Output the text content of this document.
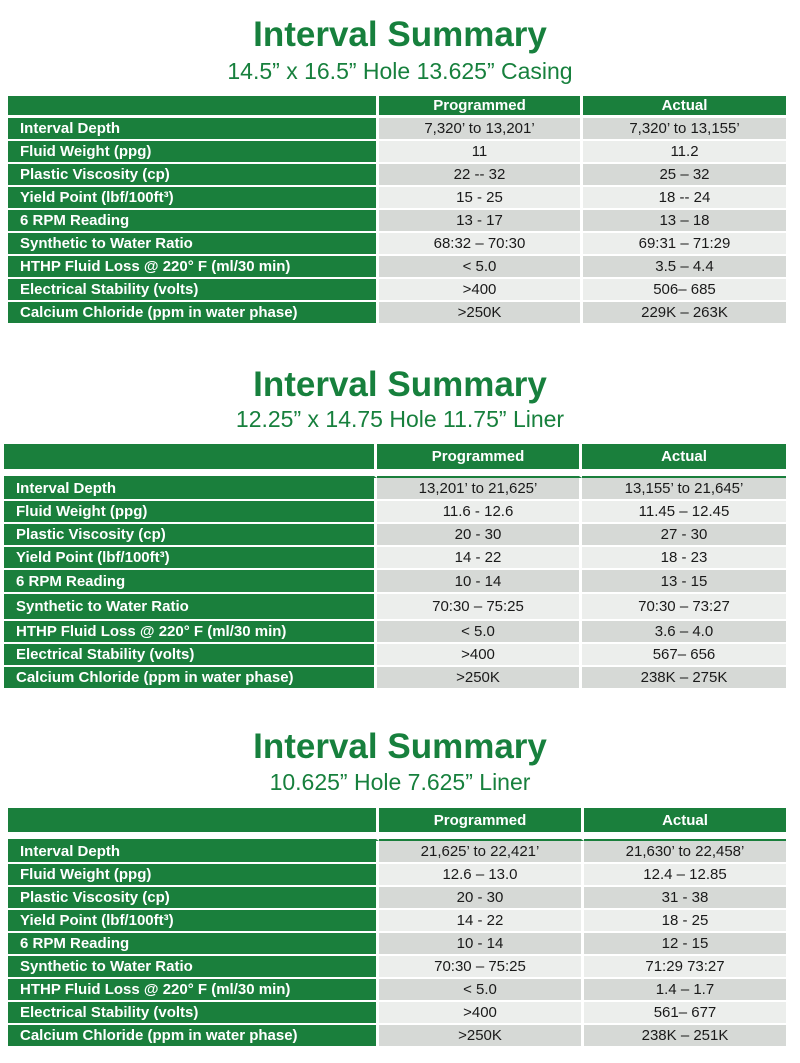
Interval Summary
14.5” x 16.5” Hole 13.625” Casing
	Programmed	Actual
Interval Depth	7,320’ to 13,201’	7,320’ to 13,155’
Fluid Weight (ppg)	11	11.2
Plastic Viscosity (cp)	22 -- 32	25 – 32
Yield Point (lbf/100ft³)	15 - 25	18 -- 24
6 RPM Reading	13 - 17	13 – 18
Synthetic to Water Ratio	68:32 – 70:30	69:31 – 71:29
HTHP Fluid Loss @ 220° F (ml/30 min)	< 5.0	3.5 – 4.4
Electrical Stability (volts)	>400	506– 685
Calcium Chloride (ppm in water phase)	>250K	229K – 263K
Interval Summary
12.25” x 14.75 Hole 11.75” Liner
	Programmed	Actual

Interval Depth	13,201’ to 21,625’	13,155’ to 21,645’
Fluid Weight (ppg)	11.6 - 12.6	11.45 – 12.45
Plastic Viscosity (cp)	20 - 30	27 - 30
Yield Point (lbf/100ft³)	14 - 22	18 - 23
6 RPM Reading	10 - 14	13 - 15
Synthetic to Water Ratio	70:30 – 75:25	70:30 – 73:27
HTHP Fluid Loss @ 220° F (ml/30 min)	< 5.0	3.6 – 4.0
Electrical Stability (volts)	>400	567– 656
Calcium Chloride (ppm in water phase)	>250K	238K – 275K
Interval Summary
10.625” Hole 7.625” Liner
	Programmed	Actual

Interval Depth	21,625’ to 22,421’	21,630’ to 22,458’
Fluid Weight (ppg)	12.6 – 13.0	12.4 – 12.85
Plastic Viscosity (cp)	20 - 30	31 - 38
Yield Point (lbf/100ft³)	14 - 22	18 - 25
6 RPM Reading	10 - 14	12 - 15
Synthetic to Water Ratio	70:30 – 75:25	71:29 73:27
HTHP Fluid Loss @ 220° F (ml/30 min)	< 5.0	1.4 – 1.7
Electrical Stability (volts)	>400	561– 677
Calcium Chloride (ppm in water phase)	>250K	238K – 251K
